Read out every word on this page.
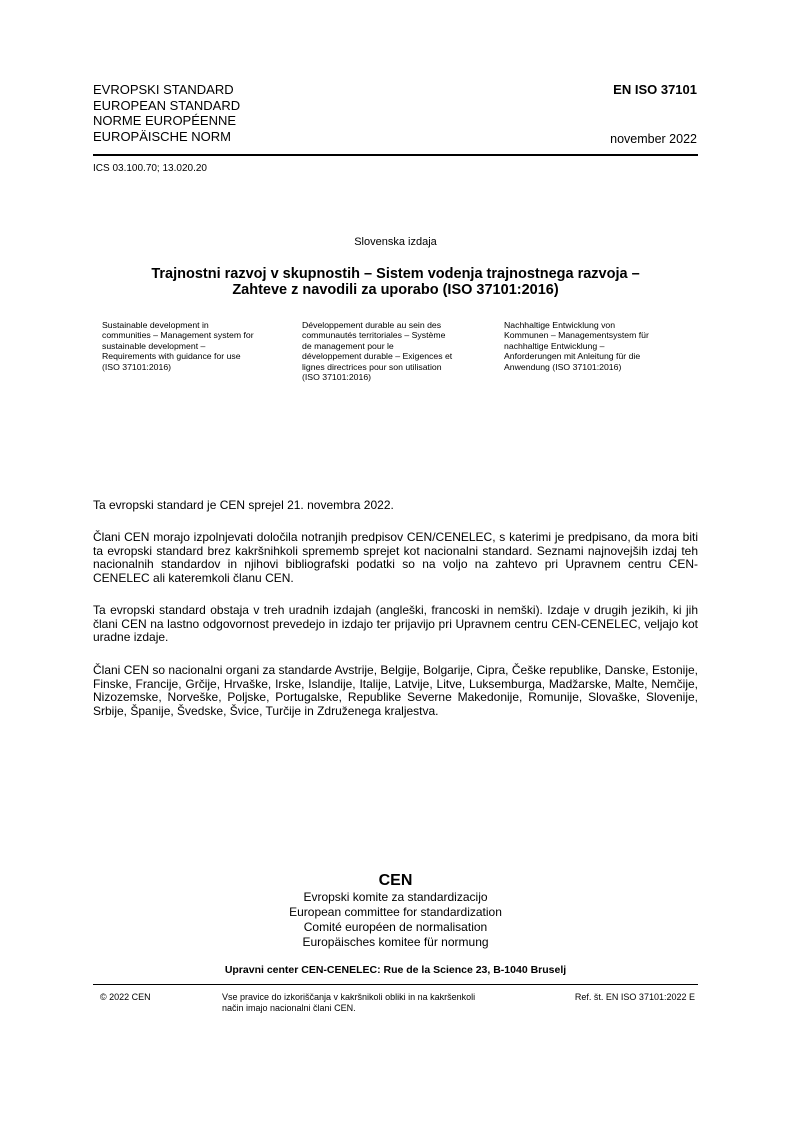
EVROPSKI STANDARD
EUROPEAN STANDARD
NORME EUROPÉENNE
EUROPÄISCHE NORM
EN ISO 37101
november 2022
ICS 03.100.70; 13.020.20
Slovenska izdaja
Trajnostni razvoj v skupnostih – Sistem vodenja trajnostnega razvoja –
Zahteve z navodili za uporabo (ISO 37101:2016)
Sustainable development in
communities – Management system for
sustainable development –
Requirements with guidance for use
(ISO 37101:2016)
Développement durable au sein des
communautés territoriales – Système
de management pour le
développement durable – Exigences et
lignes directrices pour son utilisation
(ISO 37101:2016)
Nachhaltige Entwicklung von
Kommunen – Managementsystem für
nachhaltige Entwicklung –
Anforderungen mit Anleitung für die
Anwendung (ISO 37101:2016)
Ta evropski standard je CEN sprejel 21. novembra 2022.
Člani CEN morajo izpolnjevati določila notranjih predpisov CEN/CENELEC, s katerimi je predpisano, da mora biti ta evropski standard brez kakršnihkoli sprememb sprejet kot nacionalni standard. Seznami najnovejših izdaj teh nacionalnih standardov in njihovi bibliografski podatki so na voljo na zahtevo pri Upravnem centru CEN-CENELEC ali kateremkoli članu CEN.
Ta evropski standard obstaja v treh uradnih izdajah (angleški, francoski in nemški). Izdaje v drugih jezikih, ki jih člani CEN na lastno odgovornost prevedejo in izdajo ter prijavijo pri Upravnem centru CEN-CENELEC, veljajo kot uradne izdaje.
Člani CEN so nacionalni organi za standarde Avstrije, Belgije, Bolgarije, Cipra, Češke republike, Danske, Estonije, Finske, Francije, Grčije, Hrvaške, Irske, Islandije, Italije, Latvije, Litve, Luksemburga, Madžarske, Malte, Nemčije, Nizozemske, Norveške, Poljske, Portugalske, Republike Severne Makedonije, Romunije, Slovaške, Slovenije, Srbije, Španije, Švedske, Švice, Turčije in Združenega kraljestva.
CEN
Evropski komite za standardizacijo
European committee for standardization
Comité européen de normalisation
Europäisches komitee für normung
Upravni center CEN-CENELEC: Rue de la Science 23, B-1040 Bruselj
© 2022 CEN	Vse pravice do izkoriščanja v kakršnikoli obliki in na kakršenkoli
način imajo nacionalni člani CEN.
Ref. št. EN ISO 37101:2022 E
